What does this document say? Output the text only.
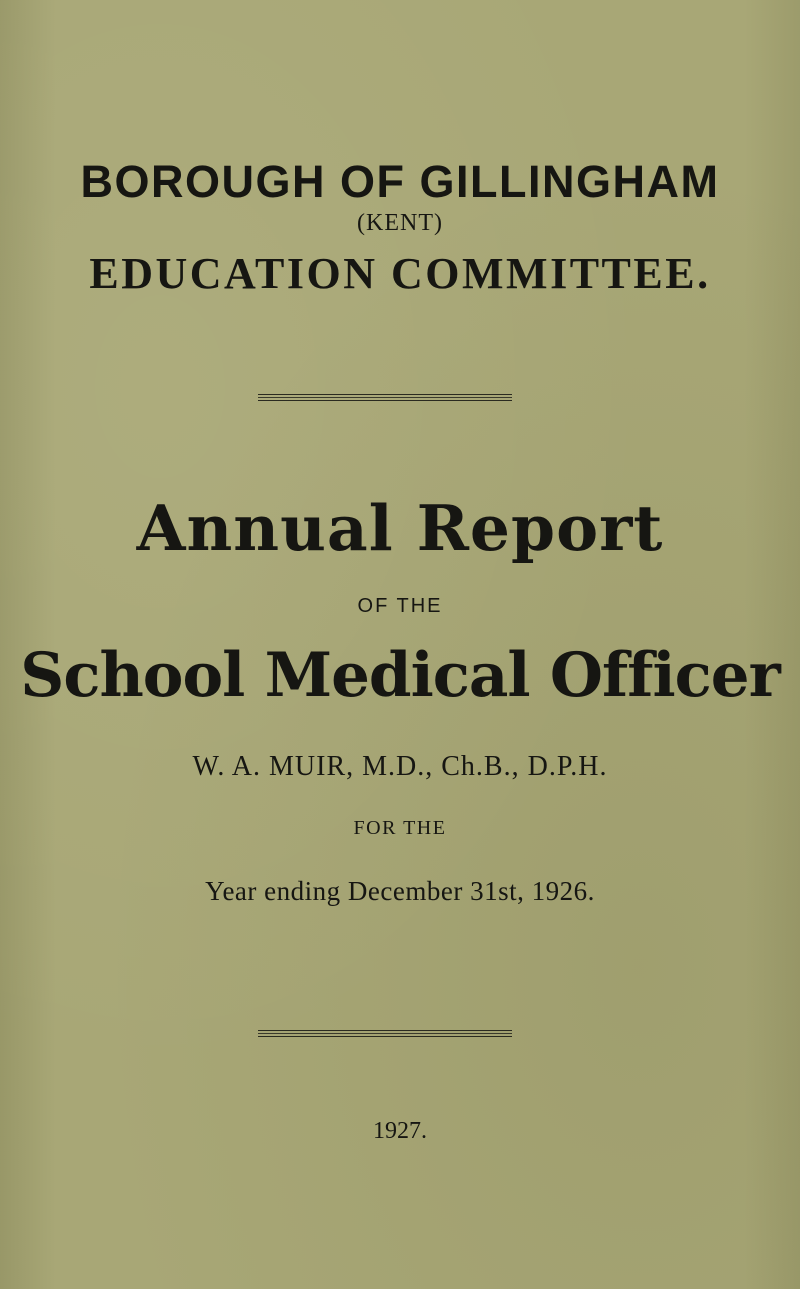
BOROUGH OF GILLINGHAM

(KENT)

EDUCATION COMMITTEE.
Annual Report

OF THE

School Medical Officer

W. A. MUIR, M.D., Ch.B., D.P.H.

FOR THE

Year ending December 31st, 1926.

1927.
